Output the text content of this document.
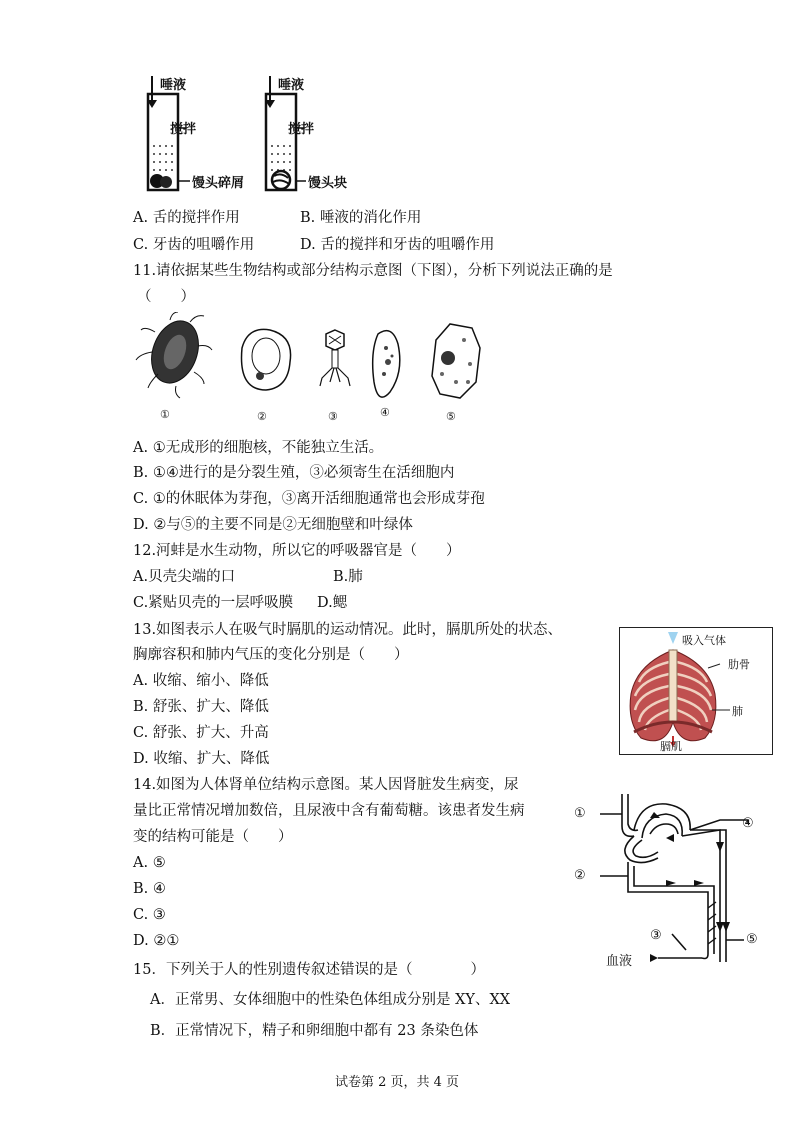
唾液
搅拌
馒头碎屑
唾液
搅拌
馒头块
A. 舌的搅拌作用	B. 唾液的消化作用
C. 牙齿的咀嚼作用	D. 舌的搅拌和牙齿的咀嚼作用
11.请依据某些生物结构或部分结构示意图（下图），分析下列说法正确的是
（　　）
①	②	③	④	⑤
A. ①无成形的细胞核，不能独立生活。
B. ①④进行的是分裂生殖，③必须寄生在活细胞内
C. ①的休眠体为芽孢，③离开活细胞通常也会形成芽孢
D. ②与⑤的主要不同是②无细胞壁和叶绿体
12.河蚌是水生动物，所以它的呼吸器官是（　　）
A.贝壳尖端的口	B.肺
C.紧贴贝壳的一层呼吸膜 D.鳃
13.如图表示人在吸气时膈肌的运动情况。此时，膈肌所处的状态、
胸廓容积和肺内气压的变化分别是（　　）
A. 收缩、缩小、降低
B. 舒张、扩大、降低
C. 舒张、扩大、升高
D. 收缩、扩大、降低
吸入气体
肋骨
肺
膈肌
14.如图为人体肾单位结构示意图。某人因肾脏发生病变，尿
量比正常情况增加数倍，且尿液中含有葡萄糖。该患者发生病
变的结构可能是（　　）
A. ⑤
B. ④
C. ③
D. ②①
①
②
③
④
⑤
血液
15．下列关于人的性别遗传叙述错误的是（　　　　）
A．正常男、女体细胞中的性染色体组成分别是 XY、XX
B．正常情况下，精子和卵细胞中都有 23 条染色体
试卷第 2 页，共 4 页
